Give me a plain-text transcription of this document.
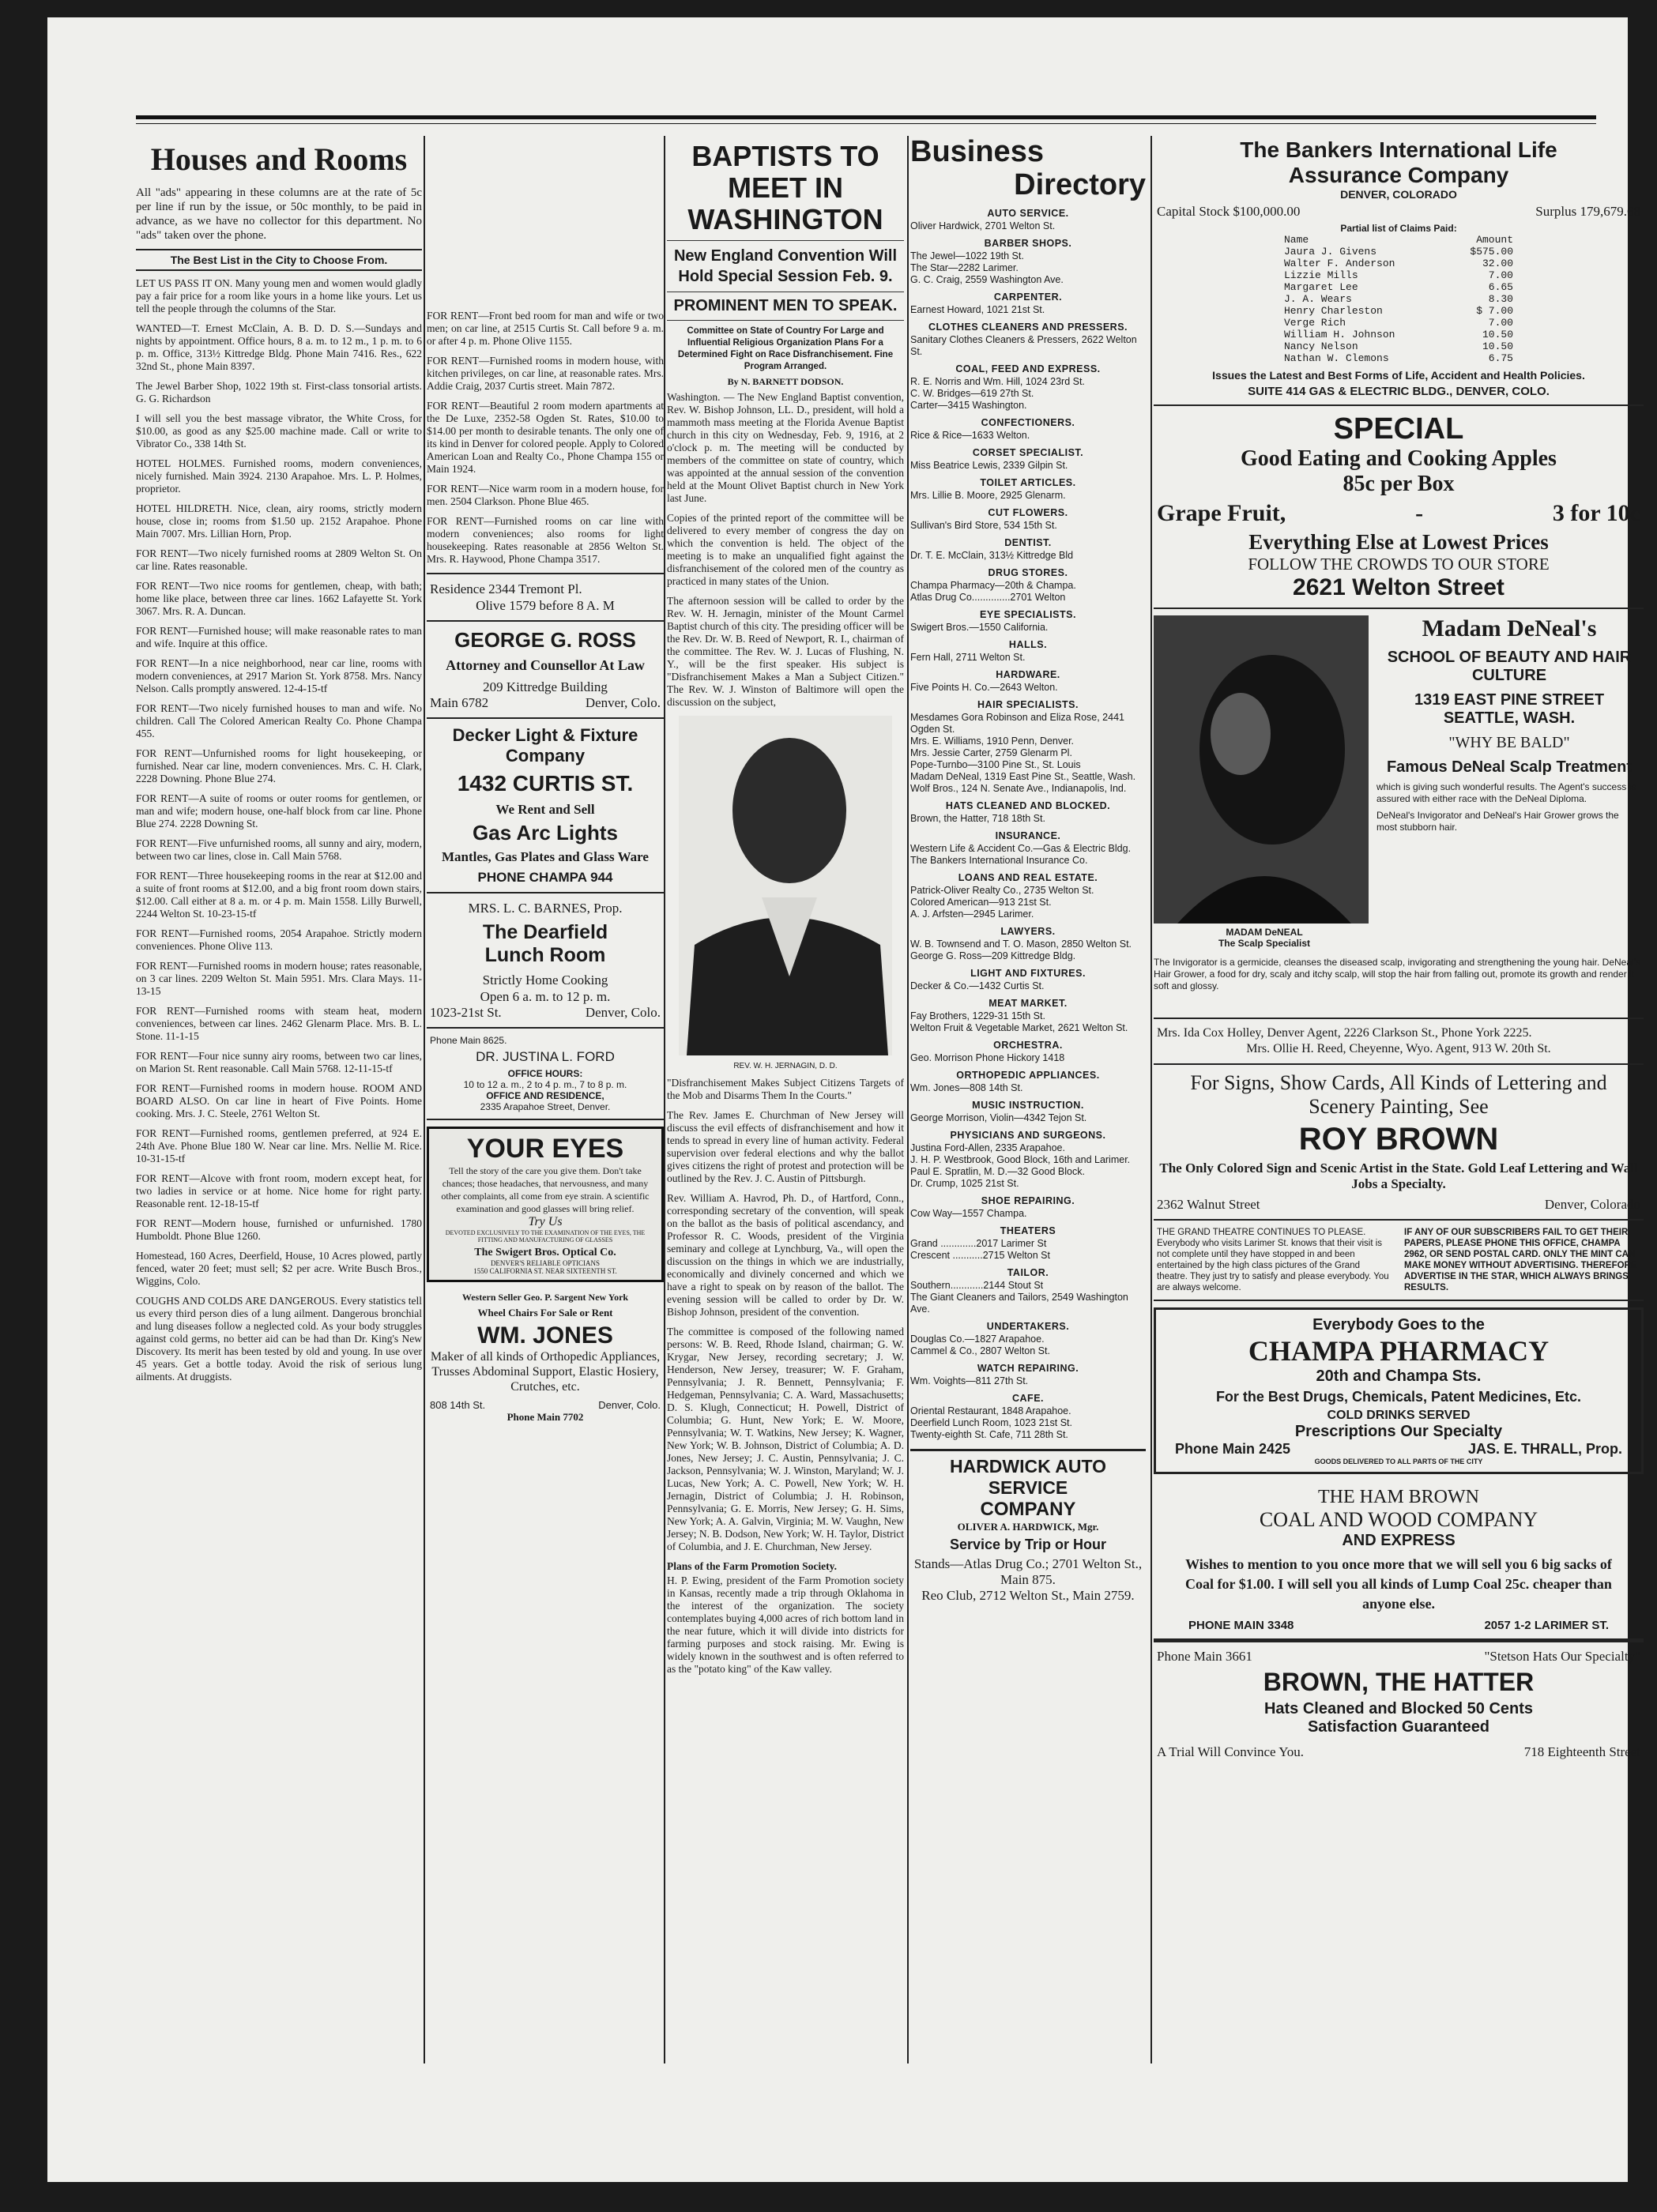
Houses and Rooms
All "ads" appearing in these columns are at the rate of 5c per line if run by the issue, or 50c monthly, to be paid in advance, as we have no collector for this department. No "ads" taken over the phone.
The Best List in the City to Choose From.

LET US PASS IT ON. Many young men and women would gladly pay a fair price for a room like yours in a home like yours. Let us tell the people through the columns of the Star.

WANTED—T. Ernest McClain, A. B. D. D. S.—Sundays and nights by appointment. Office hours, 8 a. m. to 12 m., 1 p. m. to 6 p. m. Office, 313½ Kittredge Bldg. Phone Main 7416. Res., 622 32nd St., phone Main 8397.

The Jewel Barber Shop, 1022 19th st. First-class tonsorial artists. G. G. Richardson

I will sell you the best massage vibrator, the White Cross, for $10.00, as good as any $25.00 machine made. Call or write to Vibrator Co., 338 14th St.

HOTEL HOLMES. Furnished rooms, modern conveniences, nicely furnished. Main 3924. 2130 Arapahoe. Mrs. L. P. Holmes, proprietor.

HOTEL HILDRETH. Nice, clean, airy rooms, strictly modern house, close in; rooms from $1.50 up. 2152 Arapahoe. Phone Main 7007. Mrs. Lillian Horn, Prop.

FOR RENT—Two nicely furnished rooms at 2809 Welton St. On car line. Rates reasonable.

FOR RENT—Two nice rooms for gentlemen, cheap, with bath; home like place, between three car lines. 1662 Lafayette St. York 3067. Mrs. R. A. Duncan.

FOR RENT—Furnished house; will make reasonable rates to man and wife. Inquire at this office.

FOR RENT—In a nice neighborhood, near car line, rooms with modern conveniences, at 2917 Marion St. York 8758. Mrs. Nancy Nelson. Calls promptly answered. 12-4-15-tf

FOR RENT—Two nicely furnished houses to man and wife. No children. Call The Colored American Realty Co. Phone Champa 455.

FOR RENT—Unfurnished rooms for light housekeeping, or furnished. Near car line, modern conveniences. Mrs. C. H. Clark, 2228 Downing. Phone Blue 274.

FOR RENT—A suite of rooms or outer rooms for gentlemen, or man and wife; modern house, one-half block from car line. Phone Blue 274. 2228 Downing St.

FOR RENT—Five unfurnished rooms, all sunny and airy, modern, between two car lines, close in. Call Main 5768.

FOR RENT—Three housekeeping rooms in the rear at $12.00 and a suite of front rooms at $12.00, and a big front room down stairs, $12.00. Call either at 8 a. m. or 4 p. m. Main 1558. Lilly Burwell, 2244 Welton St. 10-23-15-tf

FOR RENT—Furnished rooms, 2054 Arapahoe. Strictly modern conveniences. Phone Olive 113.

FOR RENT—Furnished rooms in modern house; rates reasonable, on 3 car lines. 2209 Welton St. Main 5951. Mrs. Clara Mays. 11-13-15

FOR RENT—Furnished rooms with steam heat, modern conveniences, between car lines. 2462 Glenarm Place. Mrs. B. L. Stone. 11-1-15

FOR RENT—Four nice sunny airy rooms, between two car lines, on Marion St. Rent reasonable. Call Main 5768. 12-11-15-tf

FOR RENT—Furnished rooms in modern house. ROOM AND BOARD ALSO. On car line in heart of Five Points. Home cooking. Mrs. J. C. Steele, 2761 Welton St.

FOR RENT—Furnished rooms, gentlemen preferred, at 924 E. 24th Ave. Phone Blue 180 W. Near car line. Mrs. Nellie M. Rice. 10-31-15-tf

FOR RENT—Alcove with front room, modern except heat, for two ladies in service or at home. Nice home for right party. Reasonable rent. 12-18-15-tf

FOR RENT—Modern house, furnished or unfurnished. 1780 Humboldt. Phone Blue 1260.

Homestead, 160 Acres, Deerfield, House, 10 Acres plowed, partly fenced, water 20 feet; must sell; $2 per acre. Write Busch Bros., Wiggins, Colo.

COUGHS AND COLDS ARE DANGEROUS. Every statistics tell us every third person dies of a lung ailment. Dangerous bronchial and lung diseases follow a neglected cold. As your body struggles against cold germs, no better aid can be had than Dr. King's New Discovery. Its merit has been tested by old and young. In use over 45 years. Get a bottle today. Avoid the risk of serious lung ailments. At druggists.

FOR RENT—Front bed room for man and wife or two men; on car line, at 2515 Curtis St. Call before 9 a. m. or after 4 p. m. Phone Olive 1155.

FOR RENT—Furnished rooms in modern house, with kitchen privileges, on car line, at reasonable rates. Mrs. Addie Craig, 2037 Curtis street. Main 7872.

FOR RENT—Beautiful 2 room modern apartments at the De Luxe, 2352-58 Ogden St. Rates, $10.00 to $14.00 per month to desirable tenants. The only one of its kind in Denver for colored people. Apply to Colored American Loan and Realty Co., Phone Champa 155 or Main 1924.

FOR RENT—Nice warm room in a modern house, for men. 2504 Clarkson. Phone Blue 465.

FOR RENT—Furnished rooms on car line with modern conveniences; also rooms for light housekeeping. Rates reasonable at 2856 Welton St. Mrs. R. Haywood, Phone Champa 3517.

Residence 2344 Tremont Pl.
Olive 1579 before 8 A. M
GEORGE G. ROSS
Attorney and Counsellor At Law
209 Kittredge Building
Main 6782	Denver, Colo.
Decker Light & Fixture Company
1432 CURTIS ST.
We Rent and Sell
Gas Arc Lights
Mantles, Gas Plates and Glass Ware
PHONE CHAMPA 944
MRS. L. C. BARNES, Prop.
The Dearfield
Lunch Room
Strictly Home Cooking
Open 6 a. m. to 12 p. m.
1023-21st St.	Denver, Colo.
Phone Main 8625.
DR. JUSTINA L. FORD
OFFICE HOURS:
10 to 12 a. m., 2 to 4 p. m., 7 to 8 p. m.
OFFICE AND RESIDENCE,
2335 Arapahoe Street, Denver.
YOUR EYES
Tell the story of the care you give them. Don't take chances; those headaches, that nervousness, and many other complaints, all come from eye strain. A scientific examination and good glasses will bring relief.
Try Us
DEVOTED EXCLUSIVELY TO THE EXAMINATION OF THE EYES, THE FITTING AND MANUFACTURING OF GLASSES
The Swigert Bros. Optical Co.
DENVER'S RELIABLE OPTICIANS
1550 CALIFORNIA ST. NEAR SIXTEENTH ST.
Western Seller Geo. P. Sargent New York
Wheel Chairs For Sale or Rent
WM. JONES
Maker of all kinds of Orthopedic Appliances, Trusses Abdominal Support, Elastic Hosiery, Crutches, etc.
808 14th St.	Denver, Colo.
Phone Main 7702
BAPTISTS TO MEET IN WASHINGTON
New England Convention Will Hold Special Session Feb. 9.
PROMINENT MEN TO SPEAK.
Committee on State of Country For Large and Influential Religious Organization Plans For a Determined Fight on Race Disfranchisement. Fine Program Arranged.
By N. BARNETT DODSON.

Washington. — The New England Baptist convention, Rev. W. Bishop Johnson, LL. D., president, will hold a mammoth mass meeting at the Florida Avenue Baptist church in this city on Wednesday, Feb. 9, 1916, at 2 o'clock p. m. The meeting will be conducted by members of the committee on state of country, which was appointed at the annual session of the convention held at the Mount Olivet Baptist church in New York last June.

Copies of the printed report of the committee will be delivered to every member of congress the day on which the convention is held. The object of the meeting is to make an unqualified fight against the disfranchisement of the colored men of the country as practiced in many states of the Union.

The afternoon session will be called to order by the Rev. W. H. Jernagin, minister of the Mount Carmel Baptist church of this city. The presiding officer will be the Rev. Dr. W. B. Reed of Newport, R. I., chairman of the committee. The Rev. W. J. Lucas of Flushing, N. Y., will be the first speaker. His subject is "Disfranchisement Makes a Man a Subject Citizen." The Rev. W. J. Winston of Baltimore will open the discussion on the subject,

REV. W. H. JERNAGIN, D. D.

"Disfranchisement Makes Subject Citizens Targets of the Mob and Disarms Them In the Courts."

The Rev. James E. Churchman of New Jersey will discuss the evil effects of disfranchisement and how it tends to spread in every line of human activity. Federal supervision over federal elections and why the ballot gives citizens the right of protest and protection will be outlined by the Rev. J. C. Austin of Pittsburgh.

Rev. William A. Havrod, Ph. D., of Hartford, Conn., corresponding secretary of the convention, will speak on the ballot as the basis of political ascendancy, and Professor R. C. Woods, president of the Virginia seminary and college at Lynchburg, Va., will open the discussion on the things in which we are industrially, economically and divinely concerned and which we have a right to speak on by reason of the ballot. The evening session will be called to order by Dr. W. Bishop Johnson, president of the convention.

The committee is composed of the following named persons: W. B. Reed, Rhode Island, chairman; G. W. Krygar, New Jersey, recording secretary; J. W. Henderson, New Jersey, treasurer; W. F. Graham, Pennsylvania; J. R. Bennett, Pennsylvania; F. Hedgeman, Pennsylvania; C. A. Ward, Massachusetts; D. S. Klugh, Connecticut; H. Powell, District of Columbia; G. Hunt, New York; E. W. Moore, Pennsylvania; W. T. Watkins, New Jersey; K. Wagner, New York; W. B. Johnson, District of Columbia; A. D. Jones, New Jersey; J. C. Austin, Pennsylvania; J. C. Jackson, Pennsylvania; W. J. Winston, Maryland; W. J. Lucas, New York; A. C. Powell, New York; W. H. Jernagin, District of Columbia; J. H. Robinson, Pennsylvania; G. E. Morris, New Jersey; G. H. Sims, New York; A. A. Galvin, Virginia; M. W. Vaughn, New Jersey; N. B. Dodson, New York; W. H. Taylor, District of Columbia, and J. E. Churchman, New Jersey.

Plans of the Farm Promotion Society.

H. P. Ewing, president of the Farm Promotion society in Kansas, recently made a trip through Oklahoma in the interest of the organization. The society contemplates buying 4,000 acres of rich bottom land in the near future, which it will divide into districts for farming purposes and stock raising. Mr. Ewing is widely known in the southwest and is often referred to as the "potato king" of the Kaw valley.

Business
Directory
AUTO SERVICE.
Oliver Hardwick, 2701 Welton St.
BARBER SHOPS.
The Jewel—1022 19th St.
The Star—2282 Larimer.
G. C. Craig, 2559 Washington Ave.
CARPENTER.
Earnest Howard, 1021 21st St.
CLOTHES CLEANERS AND PRESSERS.
Sanitary Clothes Cleaners & Pressers, 2622 Welton St.
COAL, FEED AND EXPRESS.
R. E. Norris and Wm. Hill, 1024 23rd St.
C. W. Bridges—619 27th St.
Carter—3415 Washington.
CONFECTIONERS.
Rice & Rice—1633 Welton.
CORSET SPECIALIST.
Miss Beatrice Lewis, 2339 Gilpin St.
TOILET ARTICLES.
Mrs. Lillie B. Moore, 2925 Glenarm.
CUT FLOWERS.
Sullivan's Bird Store, 534 15th St.
DENTIST.
Dr. T. E. McClain, 313½ Kittredge Bld
DRUG STORES.
Champa Pharmacy—20th & Champa.
Atlas Drug Co..............2701 Welton
EYE SPECIALISTS.
Swigert Bros.—1550 California.
HALLS.
Fern Hall, 2711 Welton St.
HARDWARE.
Five Points H. Co.—2643 Welton.
HAIR SPECIALISTS.
Mesdames Gora Robinson and Eliza Rose, 2441 Ogden St.
Mrs. E. Williams, 1910 Penn, Denver.
Mrs. Jessie Carter, 2759 Glenarm Pl.
Pope-Turnbo—3100 Pine St., St. Louis
Madam DeNeal, 1319 East Pine St., Seattle, Wash.
Wolf Bros., 124 N. Senate Ave., Indianapolis, Ind.
HATS CLEANED AND BLOCKED.
Brown, the Hatter, 718 18th St.
INSURANCE.
Western Life & Accident Co.—Gas & Electric Bldg.
The Bankers International Insurance Co.
LOANS AND REAL ESTATE.
Patrick-Oliver Realty Co., 2735 Welton St.
Colored American—913 21st St.
A. J. Arfsten—2945 Larimer.
LAWYERS.
W. B. Townsend and T. O. Mason, 2850 Welton St.
George G. Ross—209 Kittredge Bldg.
LIGHT AND FIXTURES.
Decker & Co.—1432 Curtis St.
MEAT MARKET.
Fay Brothers, 1229-31 15th St.
Welton Fruit & Vegetable Market, 2621 Welton St.
ORCHESTRA.
Geo. Morrison Phone Hickory 1418
ORTHOPEDIC APPLIANCES.
Wm. Jones—808 14th St.
MUSIC INSTRUCTION.
George Morrison, Violin—4342 Tejon St.
PHYSICIANS AND SURGEONS.
Justina Ford-Allen, 2335 Arapahoe.
J. H. P. Westbrook, Good Block, 16th and Larimer.
Paul E. Spratlin, M. D.—32 Good Block.
Dr. Crump, 1025 21st St.
SHOE REPAIRING.
Cow Way—1557 Champa.
THEATERS
Grand .............2017 Larimer St
Crescent ...........2715 Welton St
TAILOR.
Southern............2144 Stout St
The Giant Cleaners and Tailors, 2549 Washington Ave.
UNDERTAKERS.
Douglas Co.—1827 Arapahoe.
Cammel & Co., 2807 Welton St.
WATCH REPAIRING.
Wm. Voights—811 27th St.
CAFE.
Oriental Restaurant, 1848 Arapahoe.
Deerfield Lunch Room, 1023 21st St.
Twenty-eighth St. Cafe, 711 28th St.
HARDWICK AUTO SERVICE
COMPANY
OLIVER A. HARDWICK, Mgr.
Service by Trip or Hour
Stands—Atlas Drug Co.; 2701 Welton St., Main 875.
Reo Club, 2712 Welton St., Main 2759.
The Bankers International Life
Assurance Company
DENVER, COLORADO
Capital Stock $100,000.00	Surplus 179,679.68
Partial list of Claims Paid:
Name	Amount
Jaura J. Givens	$575.00
Walter F. Anderson	32.00
Lizzie Mills	7.00
Margaret Lee	6.65
J. A. Wears	8.30
Henry Charleston	$ 7.00
Verge Rich	7.00
William H. Johnson	10.50
Nancy Nelson	10.50
Nathan W. Clemons	6.75
Issues the Latest and Best Forms of Life, Accident and Health Policies.
SUITE 414 GAS & ELECTRIC BLDG., DENVER, COLO.
SPECIAL
Good Eating and Cooking Apples
85c per Box
Grape Fruit,	-	3 for 10c
Everything Else at Lowest Prices
FOLLOW THE CROWDS TO OUR STORE
2621 Welton Street
MADAM DeNEAL
The Scalp Specialist
Madam DeNeal's
SCHOOL OF BEAUTY AND HAIR CULTURE
1319 EAST PINE STREET SEATTLE, WASH.
"WHY BE BALD"
Famous DeNeal Scalp Treatment
which is giving such wonderful results. The Agent's success is assured with either race with the DeNeal Diploma.
DeNeal's Invigorator and DeNeal's Hair Grower grows the most stubborn hair.
The Invigorator is a germicide, cleanses the diseased scalp, invigorating and strengthening the young hair. DeNeal's Hair Grower, a food for dry, scaly and itchy scalp, will stop the hair from falling out, promote its growth and render it soft and glossy.
Mrs. Ida Cox Holley, Denver Agent, 2226 Clarkson St., Phone York 2225.
Mrs. Ollie H. Reed, Cheyenne, Wyo. Agent, 913 W. 20th St.
For Signs, Show Cards, All Kinds of Lettering and Scenery Painting, See
ROY BROWN
The Only Colored Sign and Scenic Artist in the State. Gold Leaf Lettering and Wall Jobs a Specialty.
2362 Walnut Street	Denver, Colorado
THE GRAND THEATRE CONTINUES TO PLEASE. Everybody who visits Larimer St. knows that their visit is not complete until they have stopped in and been entertained by the high class pictures of the Grand theatre. They just try to satisfy and please everybody. You are always welcome.
IF ANY OF OUR SUBSCRIBERS FAIL TO GET THEIR PAPERS, PLEASE PHONE THIS OFFICE, CHAMPA 2962, OR SEND POSTAL CARD. ONLY THE MINT CAN MAKE MONEY WITHOUT ADVERTISING. THEREFORE ADVERTISE IN THE STAR, WHICH ALWAYS BRINGS RESULTS.
Everybody Goes to the
CHAMPA PHARMACY
20th and Champa Sts.
For the Best Drugs, Chemicals, Patent Medicines, Etc.
COLD DRINKS SERVED
Prescriptions Our Specialty
Phone Main 2425	JAS. E. THRALL, Prop.
GOODS DELIVERED TO ALL PARTS OF THE CITY
THE HAM BROWN
COAL AND WOOD COMPANY
AND EXPRESS
Wishes to mention to you once more that we will sell you 6 big sacks of Coal for $1.00. I will sell you all kinds of Lump Coal 25c. cheaper than anyone else.
PHONE MAIN 3348	2057 1-2 LARIMER ST.
Phone Main 3661	"Stetson Hats Our Specialty"
BROWN, THE HATTER
Hats Cleaned and Blocked 50 Cents
Satisfaction Guaranteed
A Trial Will Convince You.	718 Eighteenth Street
